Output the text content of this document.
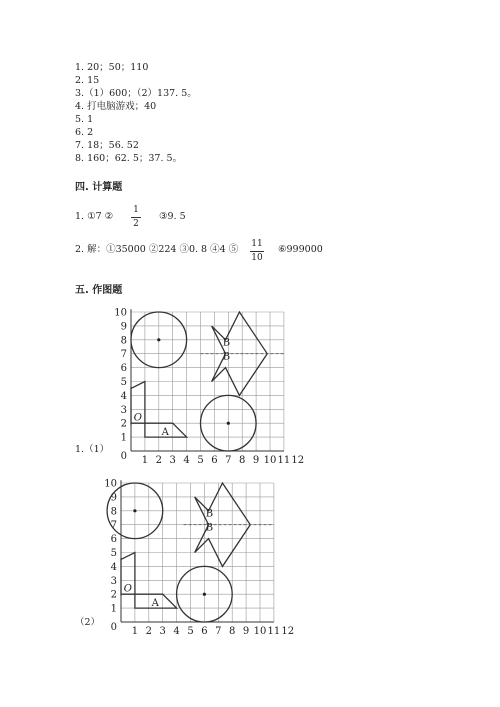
1. 20；50；110
2. 15
3.（1）600；（2）137. 5。
4. 打电脑游戏；40
5. 1
6. 2
7. 18；56. 52
8. 160；62. 5；37. 5。
四. 计算题
1. ①7 ②
1
2
③9. 5
2. 解：①35000 ②224 ③0. 8 ④4 ⑤ 11
10
⑥999000
五. 作图题
1.（1）
（2）
1 2 3 4 5 6 7 8 9 10 11 12
1
2
3
4
5
6
7
8
9
10
0
O
A
B
B
1 2 3 4 5 6 7 8 9 10 11 12
1
2
3
4
5
6
7
8
9
10
0
O
A
B
B
